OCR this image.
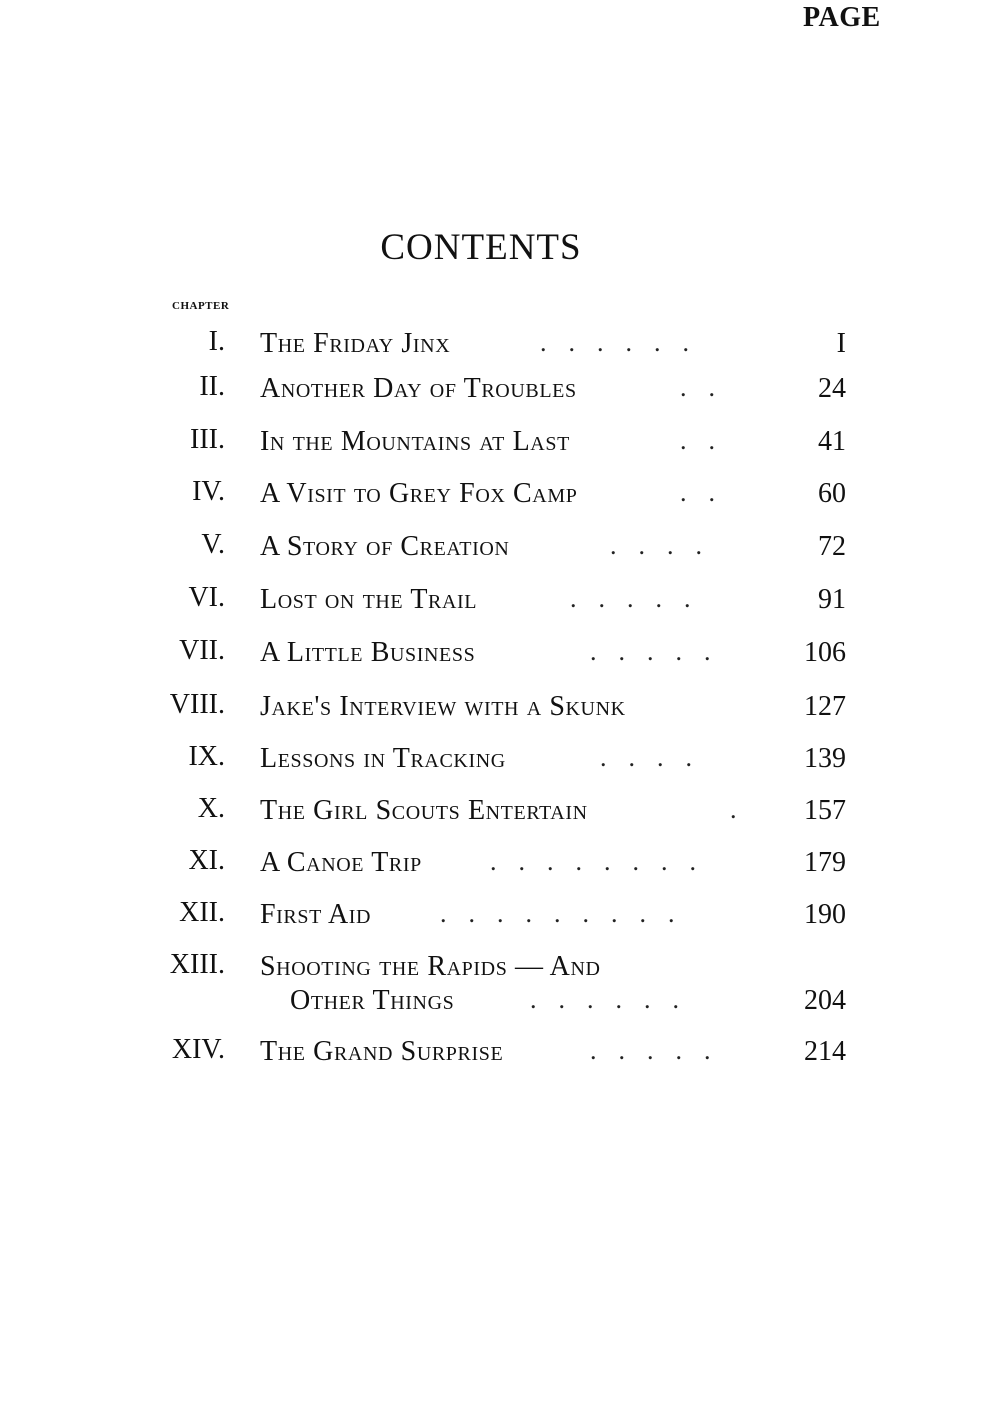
CONTENTS
CHAPTER
PAGE
I. The Friday Jinx	I
......
II. Another Day of Troubles	24
..
III. In the Mountains at Last	41
..
IV. A Visit to Grey Fox Camp	60
..
V. A Story of Creation	72
....
VI. Lost on the Trail	91
.....
VII. A Little Business	106
.....
VIII. Jake's Interview with a Skunk	127
IX. Lessons in Tracking	139
....
X. The Girl Scouts Entertain	157
.
XI. A Canoe Trip	179
........
XII. First Aid	190
.........
XIII. Shooting the Rapids — And
Other Things	204
......
XIV. The Grand Surprise	214
.....
